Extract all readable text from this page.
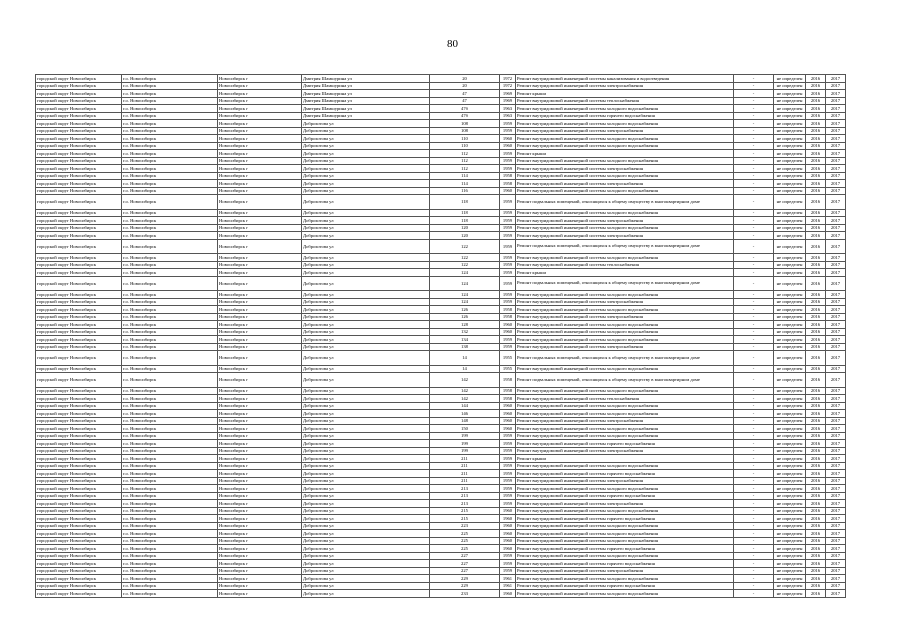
80
городской округ Новосибирск	г.о. Новосибирск	Новосибирск г	Дмитрия Шамшурина ул	20	1972	Ремонт внутридомовой инженерной системы канализования и водоотведения	-	не определен	2016	2017
городской округ Новосибирск	г.о. Новосибирск	Новосибирск г	Дмитрия Шамшурина ул	20	1972	Ремонт внутридомовой инженерной системы электроснабжения	-	не определен	2016	2017
городской округ Новосибирск	г.о. Новосибирск	Новосибирск г	Дмитрия Шамшурина ул	47	1969	Ремонт крыши	-	не определен	2016	2017
городской округ Новосибирск	г.о. Новосибирск	Новосибирск г	Дмитрия Шамшурина ул	47	1969	Ремонт внутридомовой инженерной системы теплоснабжения	-	не определен	2016	2017
городской округ Новосибирск	г.о. Новосибирск	Новосибирск г	Дмитрия Шамшурина ул	47б	1963	Ремонт внутридомовой инженерной системы холодного водоснабжения	-	не определен	2016	2017
городской округ Новосибирск	г.о. Новосибирск	Новосибирск г	Дмитрия Шамшурина ул	47б	1963	Ремонт внутридомовой инженерной системы горячего водоснабжения	-	не определен	2016	2017
городской округ Новосибирск	г.о. Новосибирск	Новосибирск г	Доброхотова ул	108	1959	Ремонт внутридомовой инженерной системы холодного водоснабжения	-	не определен	2016	2017
городской округ Новосибирск	г.о. Новосибирск	Новосибирск г	Доброхотова ул	108	1959	Ремонт внутридомовой инженерной системы электроснабжения	-	не определен	2016	2017
городской округ Новосибирск	г.о. Новосибирск	Новосибирск г	Доброхотова ул	110	1960	Ремонт внутридомовой инженерной системы холодного водоснабжения	-	не определен	2016	2017
городской округ Новосибирск	г.о. Новосибирск	Новосибирск г	Доброхотова ул	110	1960	Ремонт внутридомовой инженерной системы холодного водоснабжения	-	не определен	2016	2017
городской округ Новосибирск	г.о. Новосибирск	Новосибирск г	Доброхотова ул	112	1959	Ремонт крыши	-	не определен	2016	2017
городской округ Новосибирск	г.о. Новосибирск	Новосибирск г	Доброхотова ул	112	1959	Ремонт внутридомовой инженерной системы холодного водоснабжения	-	не определен	2016	2017
городской округ Новосибирск	г.о. Новосибирск	Новосибирск г	Доброхотова ул	112	1959	Ремонт внутридомовой инженерной системы электроснабжения	-	не определен	2016	2017
городской округ Новосибирск	г.о. Новосибирск	Новосибирск г	Доброхотова ул	114	1958	Ремонт внутридомовой инженерной системы холодного водоснабжения	-	не определен	2016	2017
городской округ Новосибирск	г.о. Новосибирск	Новосибирск г	Доброхотова ул	114	1958	Ремонт внутридомовой инженерной системы электроснабжения	-	не определен	2016	2017
городской округ Новосибирск	г.о. Новосибирск	Новосибирск г	Доброхотова ул	116	1960	Ремонт внутридомовой инженерной системы холодного водоснабжения	-	не определен	2016	2017
городской округ Новосибирск	г.о. Новосибирск	Новосибирск г	Доброхотова ул	118	1959	Ремонт подвальных помещений, относящихся к общему имуществу в многоквартирном доме	-	не определен	2016	2017
городской округ Новосибирск	г.о. Новосибирск	Новосибирск г	Доброхотова ул	118	1959	Ремонт внутридомовой инженерной системы холодного водоснабжения	-	не определен	2016	2017
городской округ Новосибирск	г.о. Новосибирск	Новосибирск г	Доброхотова ул	118	1959	Ремонт внутридомовой инженерной системы электроснабжения	-	не определен	2016	2017
городской округ Новосибирск	г.о. Новосибирск	Новосибирск г	Доброхотова ул	120	1959	Ремонт внутридомовой инженерной системы холодного водоснабжения	-	не определен	2016	2017
городской округ Новосибирск	г.о. Новосибирск	Новосибирск г	Доброхотова ул	120	1959	Ремонт внутридомовой инженерной системы электроснабжения	-	не определен	2016	2017
городской округ Новосибирск	г.о. Новосибирск	Новосибирск г	Доброхотова ул	122	1959	Ремонт подвальных помещений, относящихся к общему имуществу в многоквартирном доме	-	не определен	2016	2017
городской округ Новосибирск	г.о. Новосибирск	Новосибирск г	Доброхотова ул	122	1959	Ремонт внутридомовой инженерной системы холодного водоснабжения	-	не определен	2016	2017
городской округ Новосибирск	г.о. Новосибирск	Новосибирск г	Доброхотова ул	122	1959	Ремонт внутридомовой инженерной системы теплоснабжения	-	не определен	2016	2017
городской округ Новосибирск	г.о. Новосибирск	Новосибирск г	Доброхотова ул	124	1959	Ремонт крыши	-	не определен	2016	2017
городской округ Новосибирск	г.о. Новосибирск	Новосибирск г	Доброхотова ул	124	1959	Ремонт подвальных помещений, относящихся к общему имуществу в многоквартирном доме	-	не определен	2016	2017
городской округ Новосибирск	г.о. Новосибирск	Новосибирск г	Доброхотова ул	124	1959	Ремонт внутридомовой инженерной системы холодного водоснабжения	-	не определен	2016	2017
городской округ Новосибирск	г.о. Новосибирск	Новосибирск г	Доброхотова ул	124	1959	Ремонт внутридомовой инженерной системы электроснабжения	-	не определен	2016	2017
городской округ Новосибирск	г.о. Новосибирск	Новосибирск г	Доброхотова ул	126	1958	Ремонт внутридомовой инженерной системы холодного водоснабжения	-	не определен	2016	2017
городской округ Новосибирск	г.о. Новосибирск	Новосибирск г	Доброхотова ул	126	1958	Ремонт внутридомовой инженерной системы электроснабжения	-	не определен	2016	2017
городской округ Новосибирск	г.о. Новосибирск	Новосибирск г	Доброхотова ул	128	1960	Ремонт внутридомовой инженерной системы холодного водоснабжения	-	не определен	2016	2017
городской округ Новосибирск	г.о. Новосибирск	Новосибирск г	Доброхотова ул	132	1960	Ремонт внутридомовой инженерной системы холодного водоснабжения	-	не определен	2016	2017
городской округ Новосибирск	г.о. Новосибирск	Новосибирск г	Доброхотова ул	134	1959	Ремонт внутридомовой инженерной системы холодного водоснабжения	-	не определен	2016	2017
городской округ Новосибирск	г.о. Новосибирск	Новосибирск г	Доброхотова ул	138	1959	Ремонт внутридомовой инженерной системы электроснабжения	-	не определен	2016	2017
городской округ Новосибирск	г.о. Новосибирск	Новосибирск г	Доброхотова ул	14	1955	Ремонт подвальных помещений, относящихся к общему имуществу в многоквартирном доме	-	не определен	2016	2017
городской округ Новосибирск	г.о. Новосибирск	Новосибирск г	Доброхотова ул	14	1955	Ремонт внутридомовой инженерной системы холодного водоснабжения	-	не определен	2016	2017
городской округ Новосибирск	г.о. Новосибирск	Новосибирск г	Доброхотова ул	142	1958	Ремонт подвальных помещений, относящихся к общему имуществу в многоквартирном доме	-	не определен	2016	2017
городской округ Новосибирск	г.о. Новосибирск	Новосибирск г	Доброхотова ул	142	1958	Ремонт внутридомовой инженерной системы холодного водоснабжения	-	не определен	2016	2017
городской округ Новосибирск	г.о. Новосибирск	Новосибирск г	Доброхотова ул	142	1958	Ремонт внутридомовой инженерной системы теплоснабжения	-	не определен	2016	2017
городской округ Новосибирск	г.о. Новосибирск	Новосибирск г	Доброхотова ул	144	1960	Ремонт внутридомовой инженерной системы холодного водоснабжения	-	не определен	2016	2017
городской округ Новосибирск	г.о. Новосибирск	Новосибирск г	Доброхотова ул	146	1960	Ремонт внутридомовой инженерной системы холодного водоснабжения	-	не определен	2016	2017
городской округ Новосибирск	г.о. Новосибирск	Новосибирск г	Доброхотова ул	148	1960	Ремонт внутридомовой инженерной системы электроснабжения	-	не определен	2016	2017
городской округ Новосибирск	г.о. Новосибирск	Новосибирск г	Доброхотова ул	150	1960	Ремонт внутридомовой инженерной системы холодного водоснабжения	-	не определен	2016	2017
городской округ Новосибирск	г.о. Новосибирск	Новосибирск г	Доброхотова ул	199	1959	Ремонт внутридомовой инженерной системы холодного водоснабжения	-	не определен	2016	2017
городской округ Новосибирск	г.о. Новосибирск	Новосибирск г	Доброхотова ул	199	1959	Ремонт внутридомовой инженерной системы горячего водоснабжения	-	не определен	2016	2017
городской округ Новосибирск	г.о. Новосибирск	Новосибирск г	Доброхотова ул	199	1959	Ремонт внутридомовой инженерной системы электроснабжения	-	не определен	2016	2017
городской округ Новосибирск	г.о. Новосибирск	Новосибирск г	Доброхотова ул	211	1959	Ремонт крыши	-	не определен	2016	2017
городской округ Новосибирск	г.о. Новосибирск	Новосибирск г	Доброхотова ул	211	1959	Ремонт внутридомовой инженерной системы холодного водоснабжения	-	не определен	2016	2017
городской округ Новосибирск	г.о. Новосибирск	Новосибирск г	Доброхотова ул	211	1959	Ремонт внутридомовой инженерной системы горячего водоснабжения	-	не определен	2016	2017
городской округ Новосибирск	г.о. Новосибирск	Новосибирск г	Доброхотова ул	211	1959	Ремонт внутридомовой инженерной системы электроснабжения	-	не определен	2016	2017
городской округ Новосибирск	г.о. Новосибирск	Новосибирск г	Доброхотова ул	213	1959	Ремонт внутридомовой инженерной системы холодного водоснабжения	-	не определен	2016	2017
городской округ Новосибирск	г.о. Новосибирск	Новосибирск г	Доброхотова ул	213	1959	Ремонт внутридомовой инженерной системы горячего водоснабжения	-	не определен	2016	2017
городской округ Новосибирск	г.о. Новосибирск	Новосибирск г	Доброхотова ул	213	1959	Ремонт внутридомовой инженерной системы электроснабжения	-	не определен	2016	2017
городской округ Новосибирск	г.о. Новосибирск	Новосибирск г	Доброхотова ул	215	1960	Ремонт внутридомовой инженерной системы холодного водоснабжения	-	не определен	2016	2017
городской округ Новосибирск	г.о. Новосибирск	Новосибирск г	Доброхотова ул	215	1960	Ремонт внутридомовой инженерной системы горячего водоснабжения	-	не определен	2016	2017
городской округ Новосибирск	г.о. Новосибирск	Новосибирск г	Доброхотова ул	223	1960	Ремонт внутридомовой инженерной системы холодного водоснабжения	-	не определен	2016	2017
городской округ Новосибирск	г.о. Новосибирск	Новосибирск г	Доброхотова ул	225	1960	Ремонт внутридомовой инженерной системы холодного водоснабжения	-	не определен	2016	2017
городской округ Новосибирск	г.о. Новосибирск	Новосибирск г	Доброхотова ул	225	1960	Ремонт внутридомовой инженерной системы холодного водоснабжения	-	не определен	2016	2017
городской округ Новосибирск	г.о. Новосибирск	Новосибирск г	Доброхотова ул	225	1960	Ремонт внутридомовой инженерной системы горячего водоснабжения	-	не определен	2016	2017
городской округ Новосибирск	г.о. Новосибирск	Новосибирск г	Доброхотова ул	227	1959	Ремонт внутридомовой инженерной системы холодного водоснабжения	-	не определен	2016	2017
городской округ Новосибирск	г.о. Новосибирск	Новосибирск г	Доброхотова ул	227	1959	Ремонт внутридомовой инженерной системы горячего водоснабжения	-	не определен	2016	2017
городской округ Новосибирск	г.о. Новосибирск	Новосибирск г	Доброхотова ул	227	1959	Ремонт внутридомовой инженерной системы электроснабжения	-	не определен	2016	2017
городской округ Новосибирск	г.о. Новосибирск	Новосибирск г	Доброхотова ул	229	1961	Ремонт внутридомовой инженерной системы холодного водоснабжения	-	не определен	2016	2017
городской округ Новосибирск	г.о. Новосибирск	Новосибирск г	Доброхотова ул	229	1961	Ремонт внутридомовой инженерной системы горячего водоснабжения	-	не определен	2016	2017
городской округ Новосибирск	г.о. Новосибирск	Новосибирск г	Доброхотова ул	233	1960	Ремонт внутридомовой инженерной системы холодного водоснабжения	-	не определен	2016	2017
